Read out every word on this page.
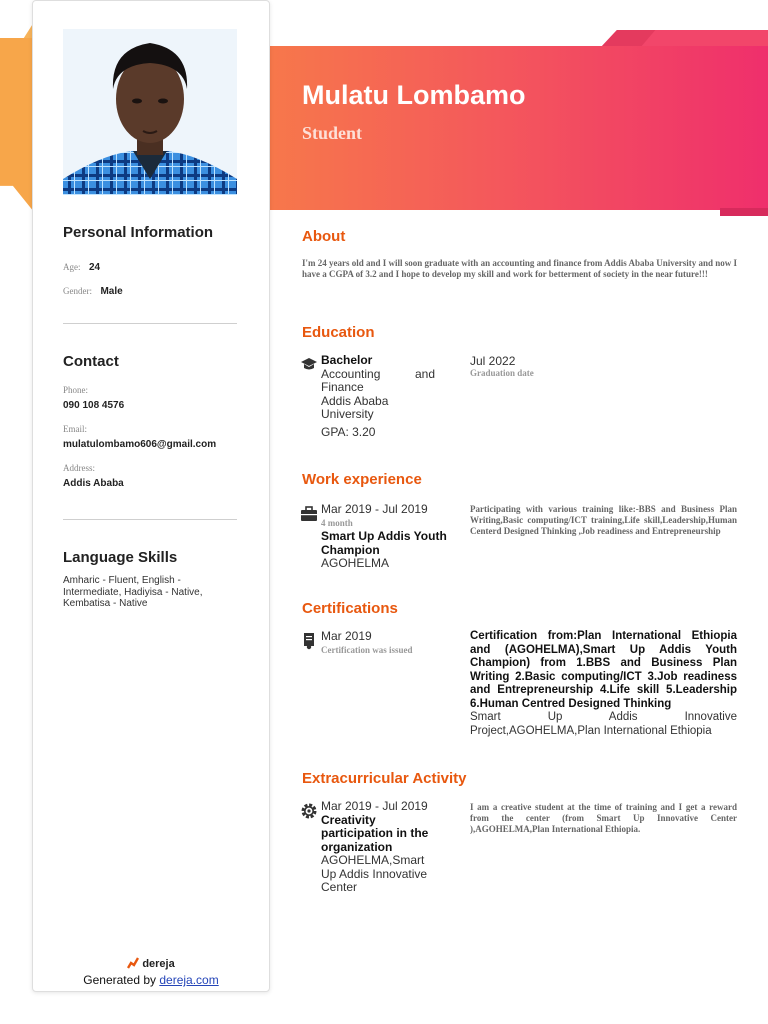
Mulatu Lombamo
Student
Personal Information
Age: 24
Gender: Male
Contact
Phone:
090 108 4576
Email:
mulatulombamo606@gmail.com
Address:
Addis Ababa
Language Skills
Amharic - Fluent, English - Intermediate, Hadiyisa - Native, Kembatisa - Native
dereja
Generated by dereja.com
About
I'm 24 years old and I will soon graduate with an accounting and finance from Addis Ababa University and now I have a CGPA of 3.2 and I hope to develop my skill and work for betterment of society in the near future!!!
Education
Bachelor
Accounting and Finance
Addis Ababa University
GPA: 3.20
Jul 2022
Graduation date
Work experience
Mar 2019 - Jul 2019
4 month
Smart Up Addis Youth Champion
AGOHELMA
Participating with various training like:-BBS and Business Plan Writing,Basic computing/ICT training,Life skill,Leadership,Human Centerd Designed Thinking ,Job readiness and Entrepreneurship
Certifications
Mar 2019
Certification was issued
Certification from:Plan International Ethiopia and (AGOHELMA),Smart Up Addis Youth Champion) from 1.BBS and Business Plan Writing 2.Basic computing/ICT 3.Job readiness and Entrepreneurship 4.Life skill 5.Leadership 6.Human Centred Designed Thinking
Smart Up Addis Innovative Project,AGOHELMA,Plan International Ethiopia
Extracurricular Activity
Mar 2019 - Jul 2019
Creativity participation in the organization
AGOHELMA,Smart Up Addis Innovative Center
I am a creative student at the time of training and I get a reward from the center (from Smart Up Innovative Center ),AGOHELMA,Plan International Ethiopia.
